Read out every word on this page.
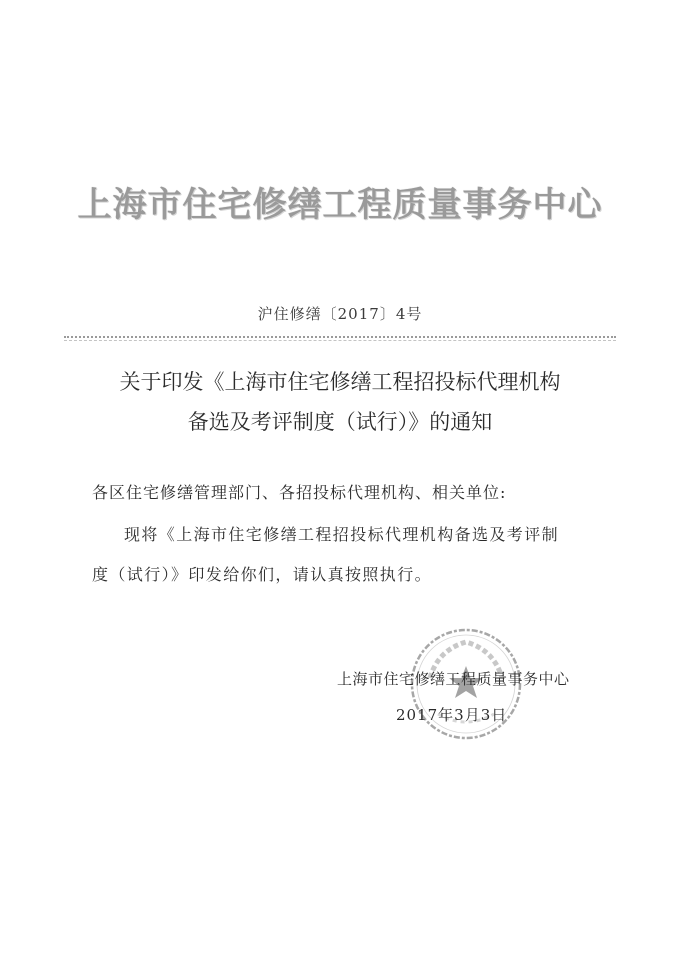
上海市住宅修缮工程质量事务中心
沪住修缮〔2017〕4号
关于印发《上海市住宅修缮工程招投标代理机构
备选及考评制度（试行）》的通知
各区住宅修缮管理部门、各招投标代理机构、相关单位:
现将《上海市住宅修缮工程招投标代理机构备选及考评制
度（试行）》印发给你们，请认真按照执行。
上海市住宅修缮工程质量事务中心
2017年3月3日
